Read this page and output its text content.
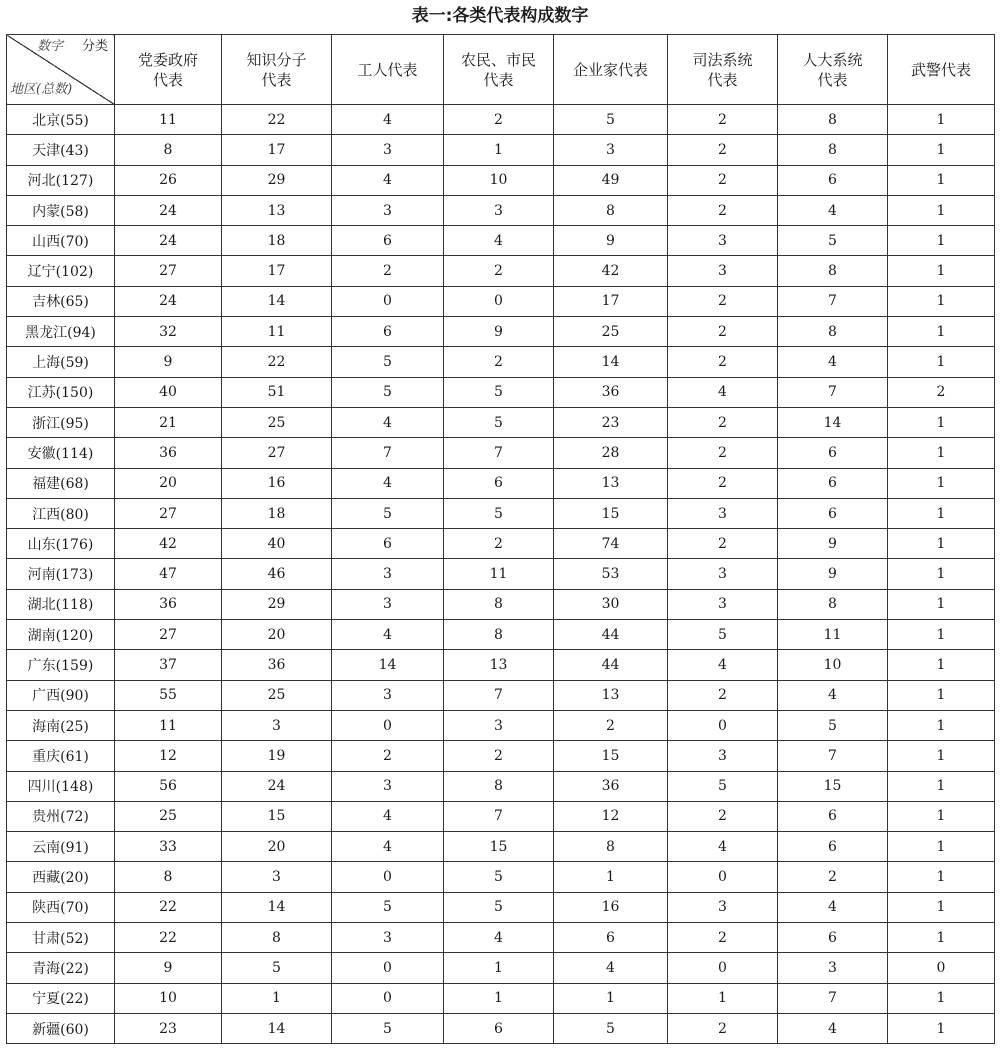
表一:各类代表构成数字
分类
数字
地区(总数)	党委政府代表	知识分子代表	工人代表	农民、市民代表	企业家代表	司法系统代表	人大系统代表	武警代表
北京(55)	11	22	4	2	5	2	8	1
天津(43)	8	17	3	1	3	2	8	1
河北(127)	26	29	4	10	49	2	6	1
内蒙(58)	24	13	3	3	8	2	4	1
山西(70)	24	18	6	4	9	3	5	1
辽宁(102)	27	17	2	2	42	3	8	1
吉林(65)	24	14	0	0	17	2	7	1
黑龙江(94)	32	11	6	9	25	2	8	1
上海(59)	9	22	5	2	14	2	4	1
江苏(150)	40	51	5	5	36	4	7	2
浙江(95)	21	25	4	5	23	2	14	1
安徽(114)	36	27	7	7	28	2	6	1
福建(68)	20	16	4	6	13	2	6	1
江西(80)	27	18	5	5	15	3	6	1
山东(176)	42	40	6	2	74	2	9	1
河南(173)	47	46	3	11	53	3	9	1
湖北(118)	36	29	3	8	30	3	8	1
湖南(120)	27	20	4	8	44	5	11	1
广东(159)	37	36	14	13	44	4	10	1
广西(90)	55	25	3	7	13	2	4	1
海南(25)	11	3	0	3	2	0	5	1
重庆(61)	12	19	2	2	15	3	7	1
四川(148)	56	24	3	8	36	5	15	1
贵州(72)	25	15	4	7	12	2	6	1
云南(91)	33	20	4	15	8	4	6	1
西藏(20)	8	3	0	5	1	0	2	1
陕西(70)	22	14	5	5	16	3	4	1
甘肃(52)	22	8	3	4	6	2	6	1
青海(22)	9	5	0	1	4	0	3	0
宁夏(22)	10	1	0	1	1	1	7	1
新疆(60)	23	14	5	6	5	2	4	1
